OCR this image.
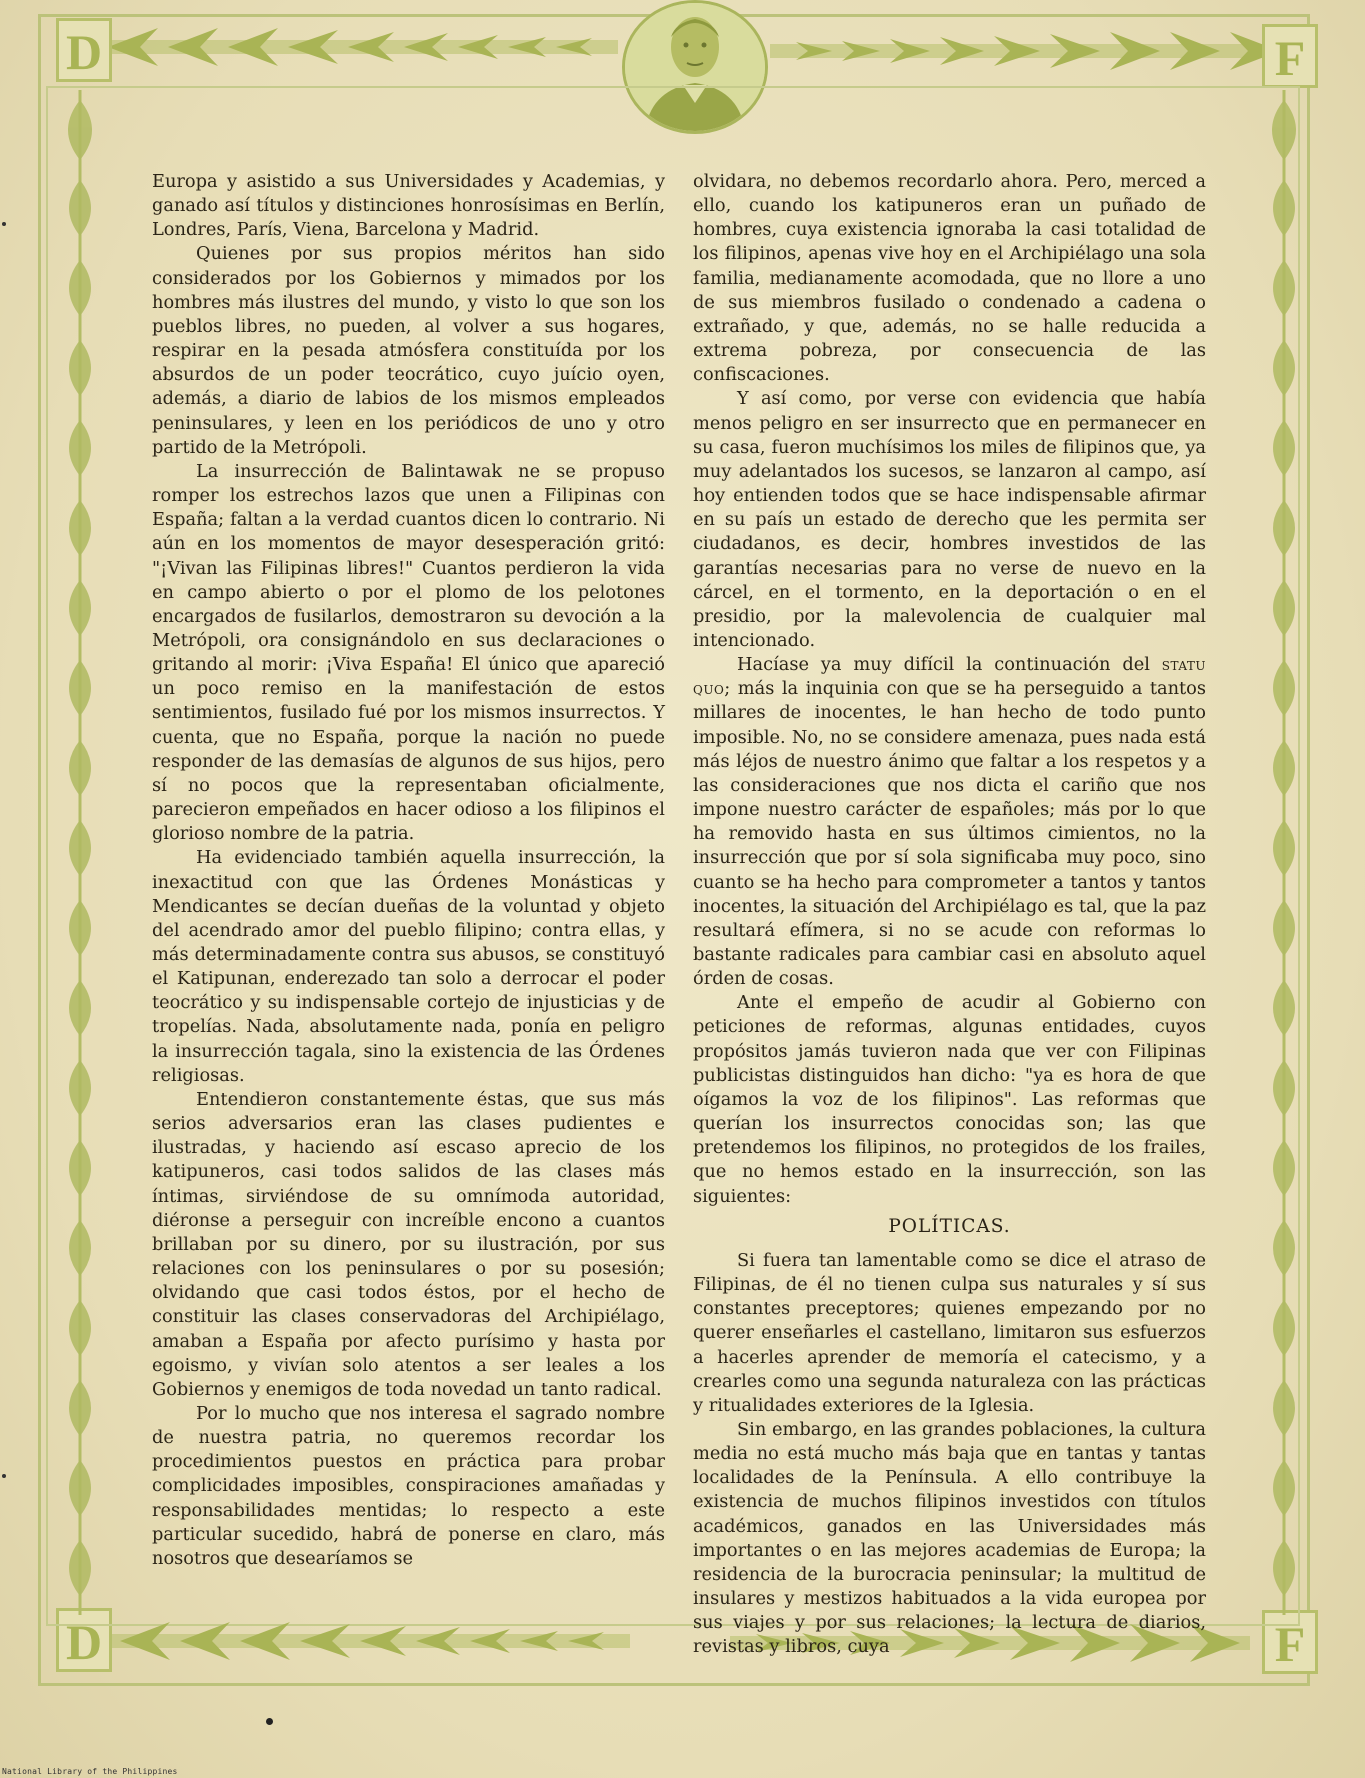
D	F
D	F

Europa y asistido a sus Universidades y Academias, y ganado así títulos y distinciones honrosísimas en Berlín, Londres, París, Viena, Barcelona y Madrid.

Quienes por sus propios méritos han sido considerados por los Gobiernos y mimados por los hombres más ilustres del mundo, y visto lo que son los pueblos libres, no pueden, al volver a sus hogares, respirar en la pesada atmósfera constituída por los absurdos de un poder teocrático, cuyo juício oyen, además, a diario de labios de los mismos empleados peninsulares, y leen en los periódicos de uno y otro partido de la Metrópoli.

La insurrección de Balintawak ne se propuso romper los estrechos lazos que unen a Filipinas con España; faltan a la verdad cuantos dicen lo contrario. Ni aún en los momentos de mayor desesperación gritó: "¡Vivan las Filipinas libres!" Cuantos perdieron la vida en campo abierto o por el plomo de los pelotones encargados de fusilarlos, demostraron su devoción a la Metrópoli, ora consignándolo en sus declaraciones o gritando al morir: ¡Viva España! El único que apareció un poco remiso en la manifestación de estos sentimientos, fusilado fué por los mismos insurrectos. Y cuenta, que no España, porque la nación no puede responder de las demasías de algunos de sus hijos, pero sí no pocos que la representaban oficialmente, parecieron empeñados en hacer odioso a los filipinos el glorioso nombre de la patria.

Ha evidenciado también aquella insurrección, la inexactitud con que las Órdenes Monásticas y Mendicantes se decían dueñas de la voluntad y objeto del acendrado amor del pueblo filipino; contra ellas, y más determinadamente contra sus abusos, se constituyó el Katipunan, enderezado tan solo a derrocar el poder teocrático y su indispensable cortejo de injusticias y de tropelías. Nada, absolutamente nada, ponía en peligro la insurrección tagala, sino la existencia de las Órdenes religiosas.

Entendieron constantemente éstas, que sus más serios adversarios eran las clases pudientes e ilustradas, y haciendo así escaso aprecio de los katipuneros, casi todos salidos de las clases más íntimas, sirviéndose de su omnímoda autoridad, diéronse a perseguir con increíble encono a cuantos brillaban por su dinero, por su ilustración, por sus relaciones con los peninsulares o por su posesión; olvidando que casi todos éstos, por el hecho de constituir las clases conservadoras del Archipiélago, amaban a España por afecto purísimo y hasta por egoismo, y vivían solo atentos a ser leales a los Gobiernos y enemigos de toda novedad un tanto radical.

Por lo mucho que nos interesa el sagrado nombre de nuestra patria, no queremos recordar los procedimientos puestos en práctica para probar complicidades imposibles, conspiraciones amañadas y responsabilidades mentidas; lo respecto a este particular sucedido, habrá de ponerse en claro, más nosotros que desearíamos se

olvidara, no debemos recordarlo ahora. Pero, merced a ello, cuando los katipuneros eran un puñado de hombres, cuya existencia ignoraba la casi totalidad de los filipinos, apenas vive hoy en el Archipiélago una sola familia, medianamente acomodada, que no llore a uno de sus miembros fusilado o condenado a cadena o extrañado, y que, además, no se halle reducida a extrema pobreza, por consecuencia de las confiscaciones.

Y así como, por verse con evidencia que había menos peligro en ser insurrecto que en permanecer en su casa, fueron muchísimos los miles de filipinos que, ya muy adelantados los sucesos, se lanzaron al campo, así hoy entienden todos que se hace indispensable afirmar en su país un estado de derecho que les permita ser ciudadanos, es decir, hombres investidos de las garantías necesarias para no verse de nuevo en la cárcel, en el tormento, en la deportación o en el presidio, por la malevolencia de cualquier mal intencionado.

Hacíase ya muy difícil la continuación del statu quo; más la inquinia con que se ha perseguido a tantos millares de inocentes, le han hecho de todo punto imposible. No, no se considere amenaza, pues nada está más léjos de nuestro ánimo que faltar a los respetos y a las consideraciones que nos dicta el cariño que nos impone nuestro carácter de españoles; más por lo que ha removido hasta en sus últimos cimientos, no la insurrección que por sí sola significaba muy poco, sino cuanto se ha hecho para comprometer a tantos y tantos inocentes, la situación del Archipiélago es tal, que la paz resultará efímera, si no se acude con reformas lo bastante radicales para cambiar casi en absoluto aquel órden de cosas.

Ante el empeño de acudir al Gobierno con peticiones de reformas, algunas entidades, cuyos propósitos jamás tuvieron nada que ver con Filipinas publicistas distinguidos han dicho: "ya es hora de que oígamos la voz de los filipinos". Las reformas que querían los insurrectos conocidas son; las que pretendemos los filipinos, no protegidos de los frailes, que no hemos estado en la insurrección, son las siguientes:

POLÍTICAS.

Si fuera tan lamentable como se dice el atraso de Filipinas, de él no tienen culpa sus naturales y sí sus constantes preceptores; quienes empezando por no querer enseñarles el castellano, limitaron sus esfuerzos a hacerles aprender de memoría el catecismo, y a crearles como una segunda naturaleza con las prácticas y ritualidades exteriores de la Iglesia.

Sin embargo, en las grandes poblaciones, la cultura media no está mucho más baja que en tantas y tantas localidades de la Península. A ello contribuye la existencia de muchos filipinos investidos con títulos académicos, ganados en las Universidades más importantes o en las mejores academias de Europa; la residencia de la burocracia peninsular; la multitud de insulares y mestizos habituados a la vida europea por sus viajes y por sus relaciones; la lectura de diarios, revistas y libros, cuya

National Library of the Philippines
